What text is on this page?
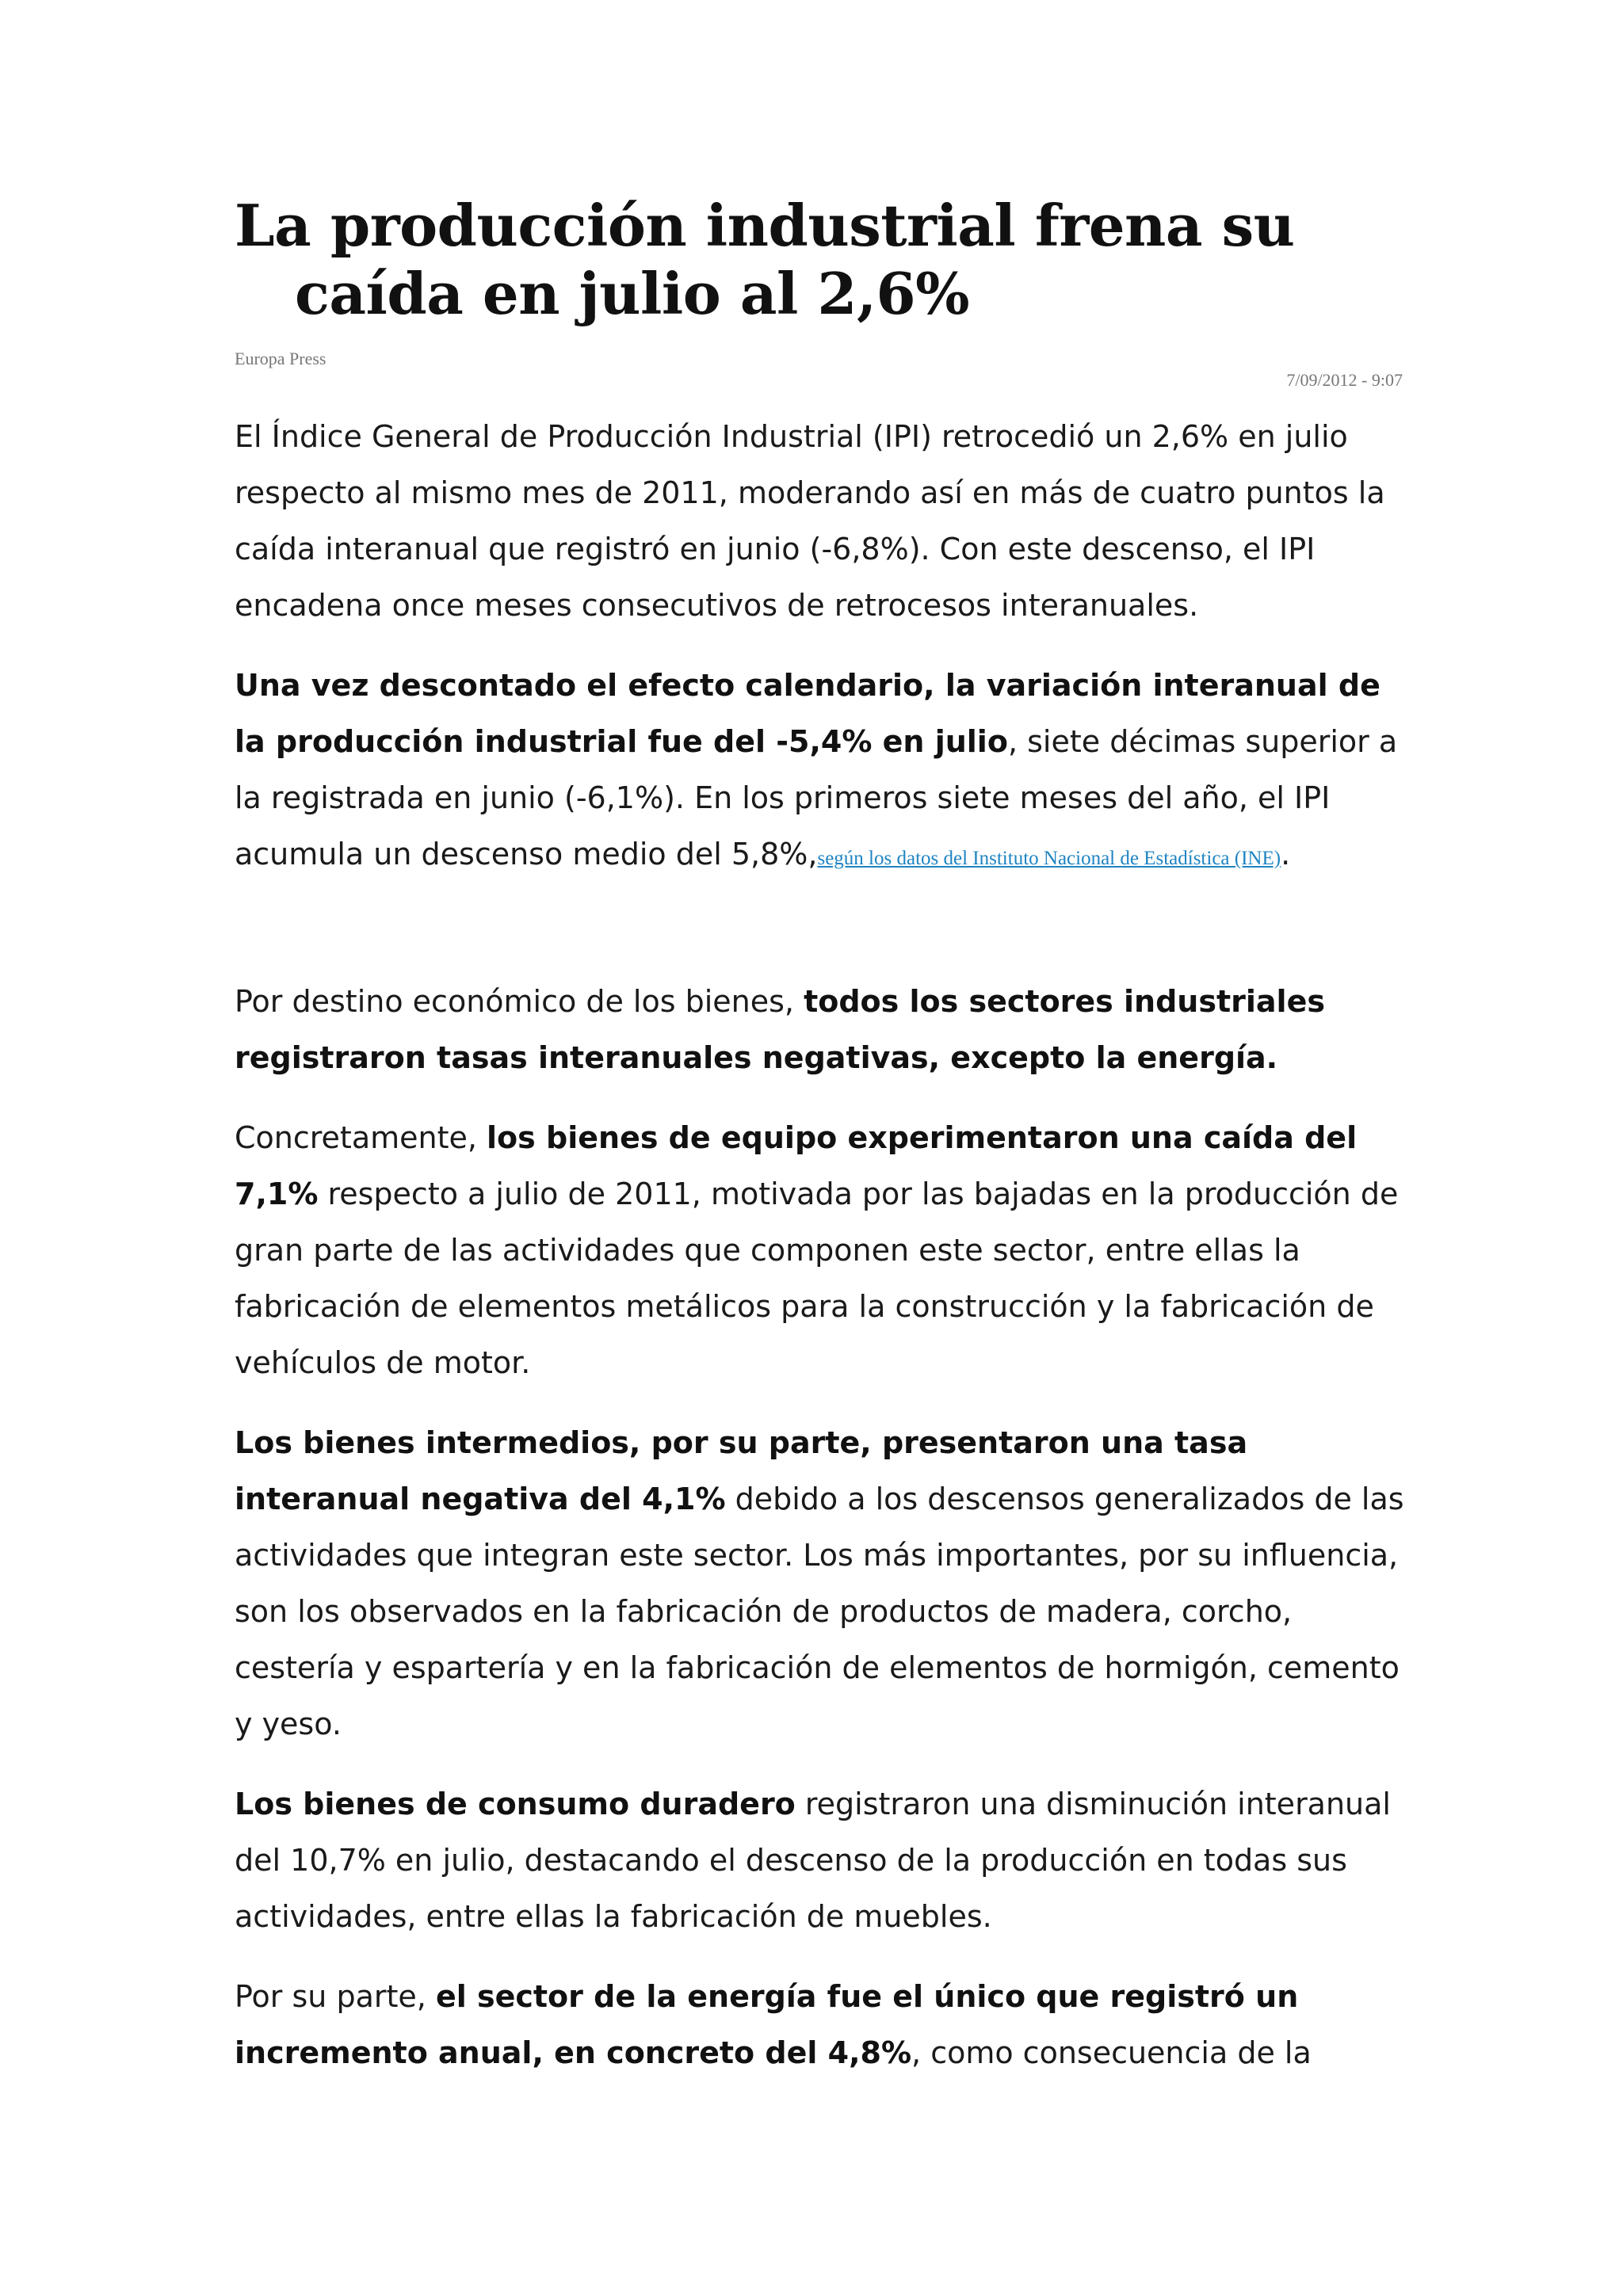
La producción industrial frena su
caída en julio al 2,6%
Europa Press
7/09/2012 - 9:07

El Índice General de Producción Industrial (IPI) retrocedió un 2,6% en julio respecto al mismo mes de 2011, moderando así en más de cuatro puntos la caída interanual que registró en junio (-6,8%). Con este descenso, el IPI encadena once meses consecutivos de retrocesos interanuales.

Una vez descontado el efecto calendario, la variación interanual de la producción industrial fue del -5,4% en julio, siete décimas superior a la registrada en junio (-6,1%). En los primeros siete meses del año, el IPI acumula un descenso medio del 5,8%,según los datos del Instituto Nacional de Estadística (INE).

Por destino económico de los bienes, todos los sectores industriales registraron tasas interanuales negativas, excepto la energía.

Concretamente, los bienes de equipo experimentaron una caída del 7,1% respecto a julio de 2011, motivada por las bajadas en la producción de gran parte de las actividades que componen este sector, entre ellas la fabricación de elementos metálicos para la construcción y la fabricación de vehículos de motor.

Los bienes intermedios, por su parte, presentaron una tasa interanual negativa del 4,1% debido a los descensos generalizados de las actividades que integran este sector. Los más importantes, por su influencia, son los observados en la fabricación de productos de madera, corcho, cestería y espartería y en la fabricación de elementos de hormigón, cemento y yeso.

Los bienes de consumo duradero registraron una disminución interanual del 10,7% en julio, destacando el descenso de la producción en todas sus actividades, entre ellas la fabricación de muebles.

Por su parte, el sector de la energía fue el único que registró un incremento anual, en concreto del 4,8%, como consecuencia de la
